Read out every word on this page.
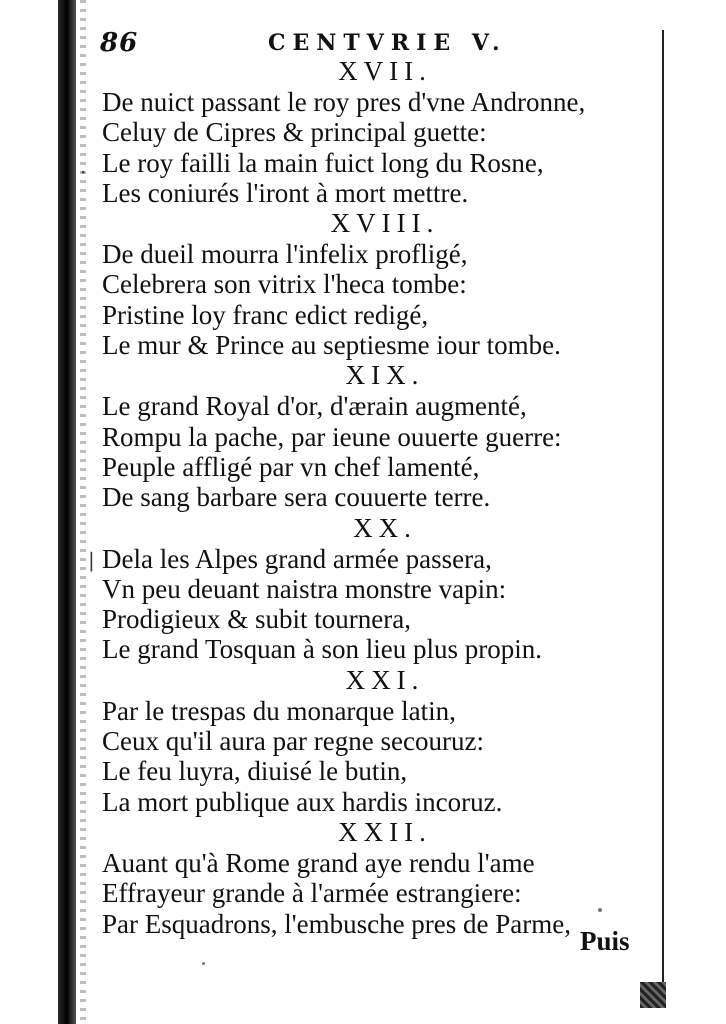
·
|
86	CENTVRIE V.
XVII.
De nuict passant le roy pres d'vne Andronne,
Celuy de Cipres & principal guette:
Le roy failli la main fuict long du Rosne,
Les coniurés l'iront à mort mettre.
XVIII.
De dueil mourra l'infelix profligé,
Celebrera son vitrix l'heca tombe:
Pristine loy franc edict redigé,
Le mur & Prince au septiesme iour tombe.
XIX.
Le grand Royal d'or, d'ærain augmenté,
Rompu la pache, par ieune ouuerte guerre:
Peuple affligé par vn chef lamenté,
De sang barbare sera couuerte terre.
XX.
Dela les Alpes grand armée passera,
Vn peu deuant naistra monstre vapin:
Prodigieux & subit tournera,
Le grand Tosquan à son lieu plus propin.
XXI.
Par le trespas du monarque latin,
Ceux qu'il aura par regne secouruz:
Le feu luyra, diuisé le butin,
La mort publique aux hardis incoruz.
XXII.
Auant qu'à Rome grand aye rendu l'ame
Effrayeur grande à l'armée estrangiere:
Par Esquadrons, l'embusche pres de Parme,
Puis
